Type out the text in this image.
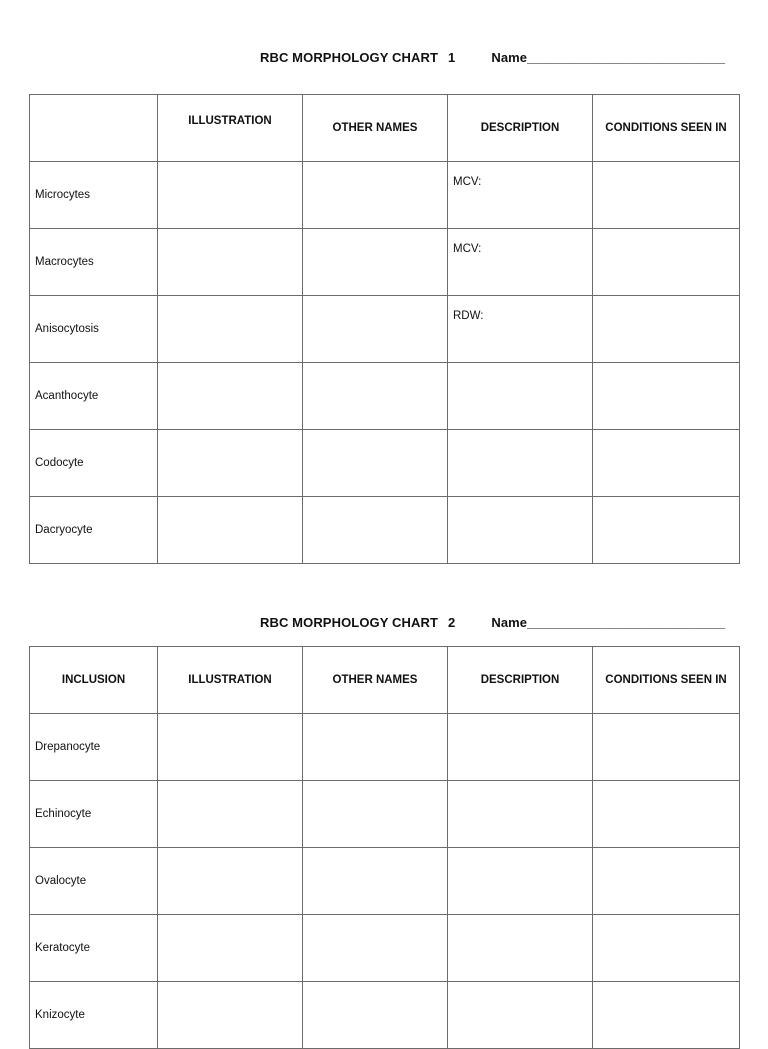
RBC MORPHOLOGY CHART 1	Name___________________________
	ILLUSTRATION	OTHER NAMES	DESCRIPTION	CONDITIONS SEEN IN
Microcytes			MCV:	
Macrocytes			MCV:	
Anisocytosis			RDW:	
Acanthocyte				
Codocyte				
Dacryocyte				
RBC MORPHOLOGY CHART 2	Name___________________________
INCLUSION	ILLUSTRATION	OTHER NAMES	DESCRIPTION	CONDITIONS SEEN IN
Drepanocyte				
Echinocyte				
Ovalocyte				
Keratocyte				
Knizocyte				
